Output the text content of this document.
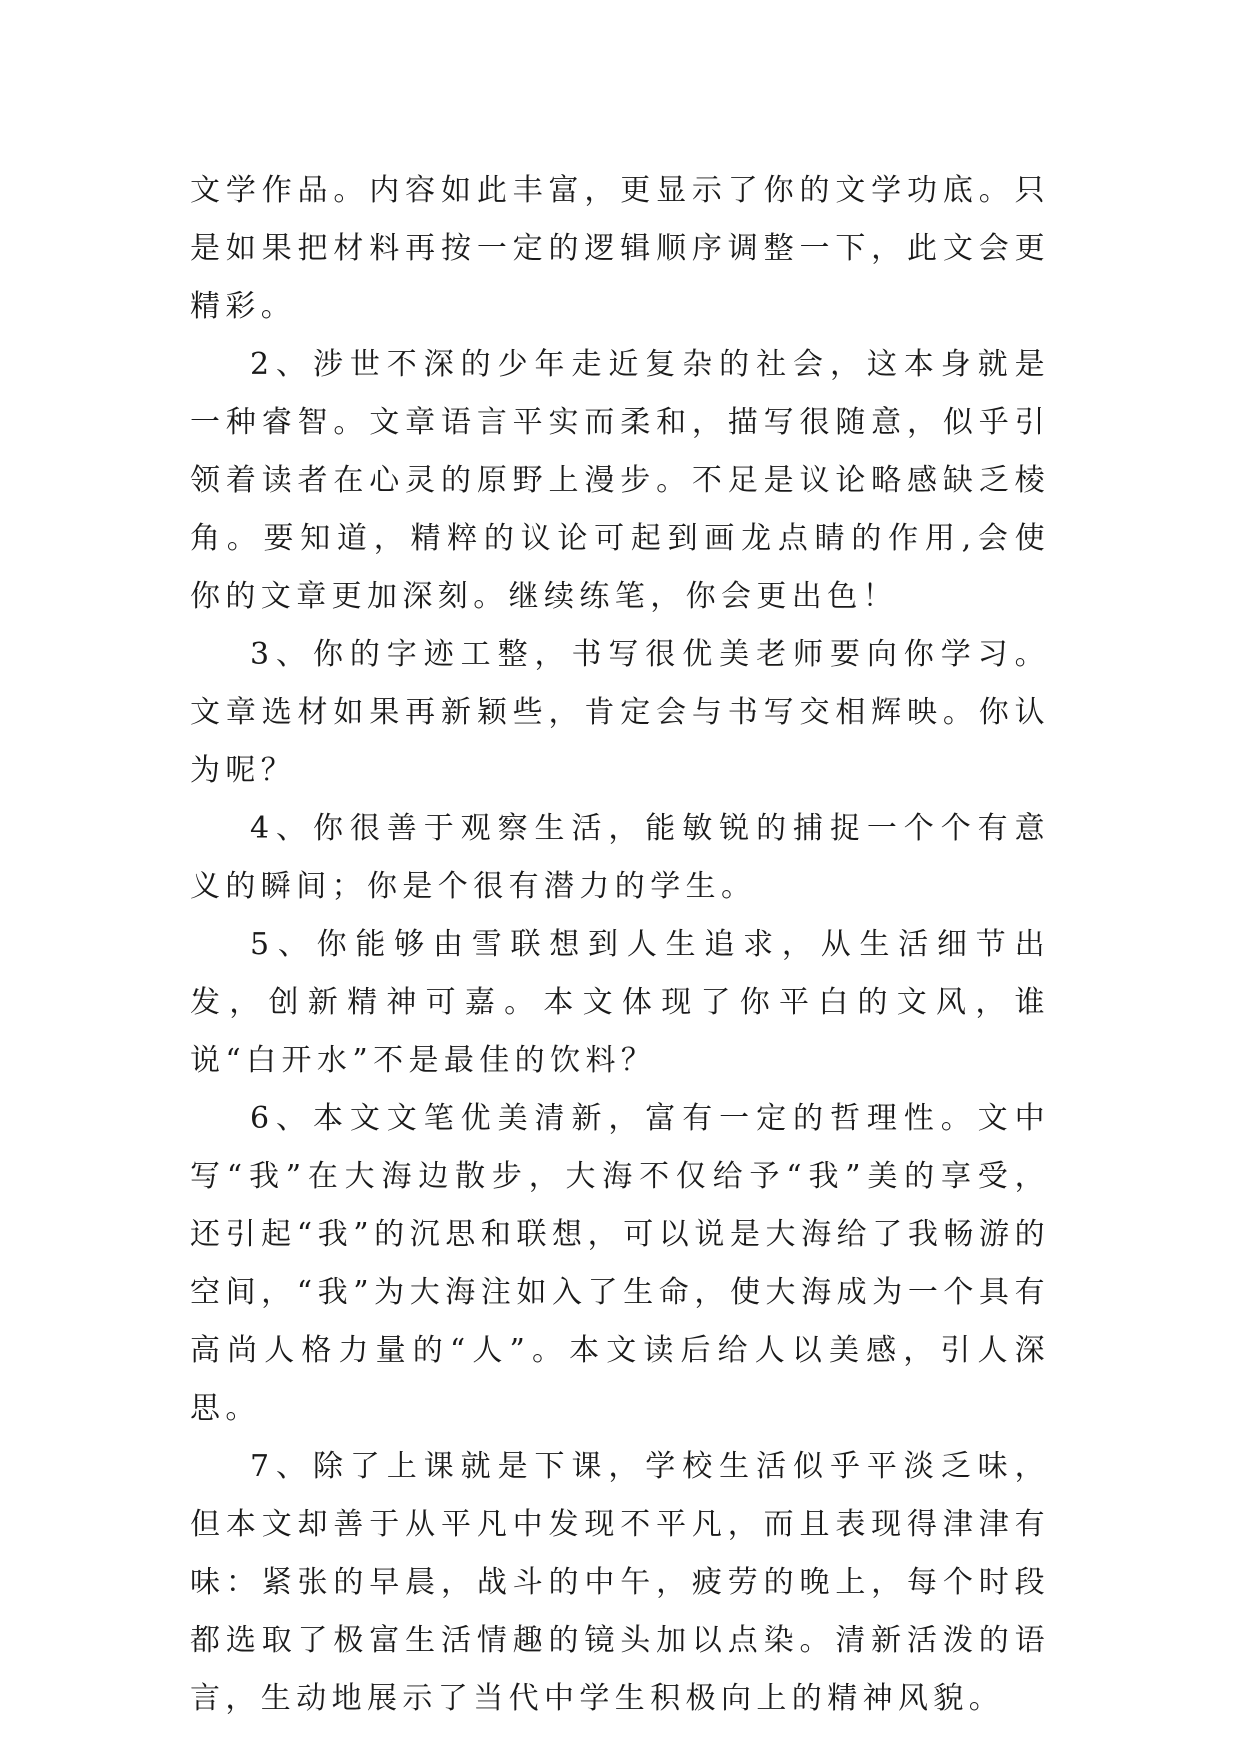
文学作品。内容如此丰富，更显示了你的文学功底。只是如果把材料再按一定的逻辑顺序调整一下，此文会更精彩。

2、涉世不深的少年走近复杂的社会，这本身就是一种睿智。文章语言平实而柔和，描写很随意，似乎引领着读者在心灵的原野上漫步。不足是议论略感缺乏棱角。要知道，精粹的议论可起到画龙点睛的作用,会使你的文章更加深刻。继续练笔，你会更出色！

3、你的字迹工整，书写很优美老师要向你学习。文章选材如果再新颖些，肯定会与书写交相辉映。你认为呢？

4、你很善于观察生活，能敏锐的捕捉一个个有意义的瞬间；你是个很有潜力的学生。

5、你能够由雪联想到人生追求，从生活细节出发，创新精神可嘉。本文体现了你平白的文风，谁说“白开水”不是最佳的饮料？

6、本文文笔优美清新，富有一定的哲理性。文中写“我”在大海边散步，大海不仅给予“我”美的享受，还引起“我”的沉思和联想，可以说是大海给了我畅游的空间，“我”为大海注如入了生命，使大海成为一个具有高尚人格力量的“人”。本文读后给人以美感，引人深思。

7、除了上课就是下课，学校生活似乎平淡乏味，但本文却善于从平凡中发现不平凡，而且表现得津津有味：紧张的早晨，战斗的中午，疲劳的晚上，每个时段都选取了极富生活情趣的镜头加以点染。清新活泼的语言，生动地展示了当代中学生积极向上的精神风貌。
